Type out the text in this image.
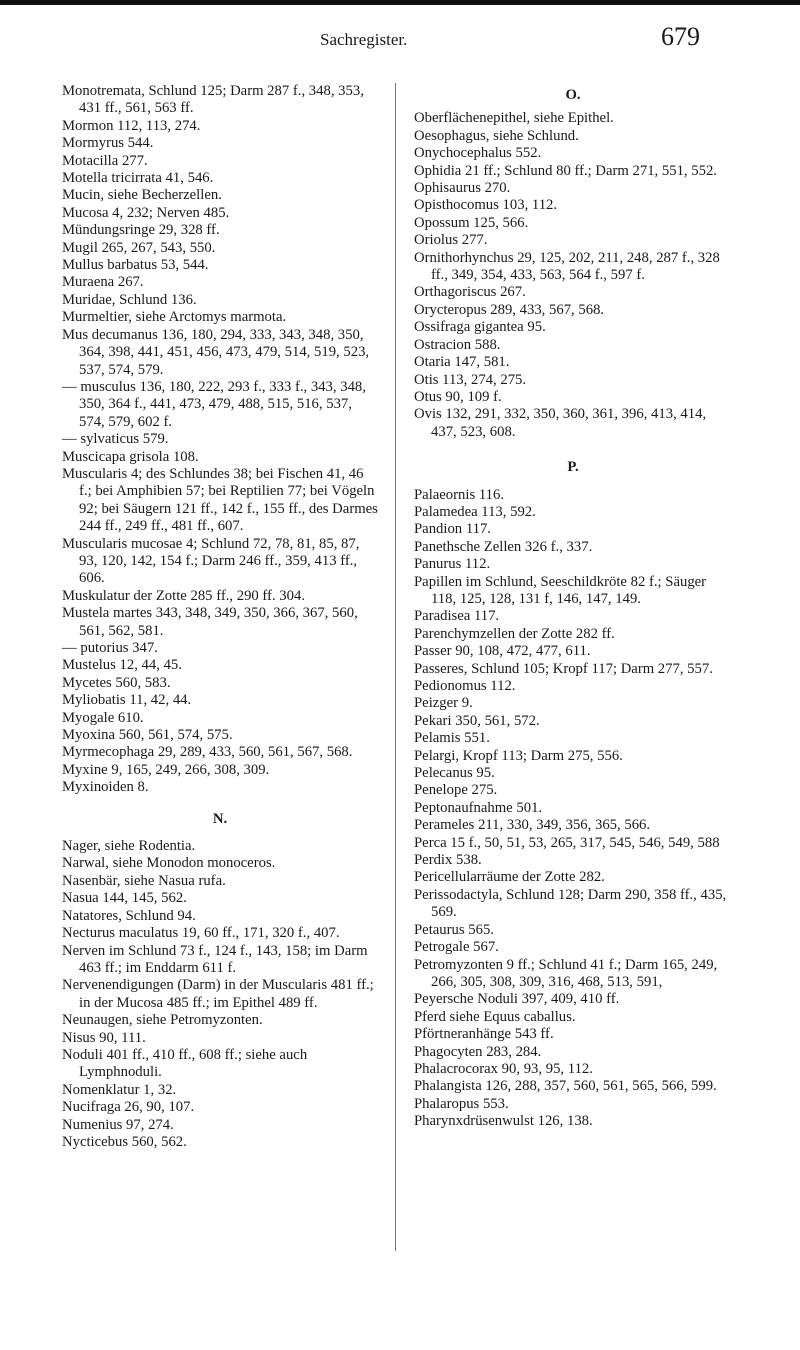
Sachregister.	679

Monotremata, Schlund 125; Darm 287 f., 348, 353, 431 ff., 561, 563 ff.

Mormon 112, 113, 274.

Mormyrus 544.

Motacilla 277.

Motella tricirrata 41, 546.

Mucin, siehe Becherzellen.

Mucosa 4, 232; Nerven 485.

Mündungsringe 29, 328 ff.

Mugil 265, 267, 543, 550.

Mullus barbatus 53, 544.

Muraena 267.

Muridae, Schlund 136.

Murmeltier, siehe Arctomys marmota.

Mus decumanus 136, 180, 294, 333, 343, 348, 350, 364, 398, 441, 451, 456, 473, 479, 514, 519, 523, 537, 574, 579.

— musculus 136, 180, 222, 293 f., 333 f., 343, 348, 350, 364 f., 441, 473, 479, 488, 515, 516, 537, 574, 579, 602 f.

— sylvaticus 579.

Muscicapa grisola 108.

Muscularis 4; des Schlundes 38; bei Fischen 41, 46 f.; bei Amphibien 57; bei Reptilien 77; bei Vögeln 92; bei Säugern 121 ff., 142 f., 155 ff., des Darmes 244 ff., 249 ff., 481 ff., 607.

Muscularis mucosae 4; Schlund 72, 78, 81, 85, 87, 93, 120, 142, 154 f.; Darm 246 ff., 359, 413 ff., 606.

Muskulatur der Zotte 285 ff., 290 ff. 304.

Mustela martes 343, 348, 349, 350, 366, 367, 560, 561, 562, 581.

— putorius 347.

Mustelus 12, 44, 45.

Mycetes 560, 583.

Myliobatis 11, 42, 44.

Myogale 610.

Myoxina 560, 561, 574, 575.

Myrmecophaga 29, 289, 433, 560, 561, 567, 568.

Myxine 9, 165, 249, 266, 308, 309.

Myxinoiden 8.

N.

Nager, siehe Rodentia.

Narwal, siehe Monodon monoceros.

Nasenbär, siehe Nasua rufa.

Nasua 144, 145, 562.

Natatores, Schlund 94.

Necturus maculatus 19, 60 ff., 171, 320 f., 407.

Nerven im Schlund 73 f., 124 f., 143, 158; im Darm 463 ff.; im Enddarm 611 f.

Nervenendigungen (Darm) in der Muscularis 481 ff.; in der Mucosa 485 ff.; im Epithel 489 ff.

Neunaugen, siehe Petromyzonten.

Nisus 90, 111.

Noduli 401 ff., 410 ff., 608 ff.; siehe auch Lymphnoduli.

Nomenklatur 1, 32.

Nucifraga 26, 90, 107.

Numenius 97, 274.

Nycticebus 560, 562.

O.

Oberflächenepithel, siehe Epithel.

Oesophagus, siehe Schlund.

Onychocephalus 552.

Ophidia 21 ff.; Schlund 80 ff.; Darm 271, 551, 552.

Ophisaurus 270.

Opisthocomus 103, 112.

Opossum 125, 566.

Oriolus 277.

Ornithorhynchus 29, 125, 202, 211, 248, 287 f., 328 ff., 349, 354, 433, 563, 564 f., 597 f.

Orthagoriscus 267.

Orycteropus 289, 433, 567, 568.

Ossifraga gigantea 95.

Ostracion 588.

Otaria 147, 581.

Otis 113, 274, 275.

Otus 90, 109 f.

Ovis 132, 291, 332, 350, 360, 361, 396, 413, 414, 437, 523, 608.

P.

Palaeornis 116.

Palamedea 113, 592.

Pandion 117.

Panethsche Zellen 326 f., 337.

Panurus 112.

Papillen im Schlund, Seeschildkröte 82 f.; Säuger 118, 125, 128, 131 f, 146, 147, 149.

Paradisea 117.

Parenchymzellen der Zotte 282 ff.

Passer 90, 108, 472, 477, 611.

Passeres, Schlund 105; Kropf 117; Darm 277, 557.

Pedionomus 112.

Peizger 9.

Pekari 350, 561, 572.

Pelamis 551.

Pelargi, Kropf 113; Darm 275, 556.

Pelecanus 95.

Penelope 275.

Peptonaufnahme 501.

Perameles 211, 330, 349, 356, 365, 566.

Perca 15 f., 50, 51, 53, 265, 317, 545, 546, 549, 588

Perdix 538.

Pericellularräume der Zotte 282.

Perissodactyla, Schlund 128; Darm 290, 358 ff., 435, 569.

Petaurus 565.

Petrogale 567.

Petromyzonten 9 ff.; Schlund 41 f.; Darm 165, 249, 266, 305, 308, 309, 316, 468, 513, 591,

Peyersche Noduli 397, 409, 410 ff.

Pferd siehe Equus caballus.

Pförtneranhänge 543 ff.

Phagocyten 283, 284.

Phalacrocorax 90, 93, 95, 112.

Phalangista 126, 288, 357, 560, 561, 565, 566, 599.

Phalaropus 553.

Pharynxdrüsenwulst 126, 138.
